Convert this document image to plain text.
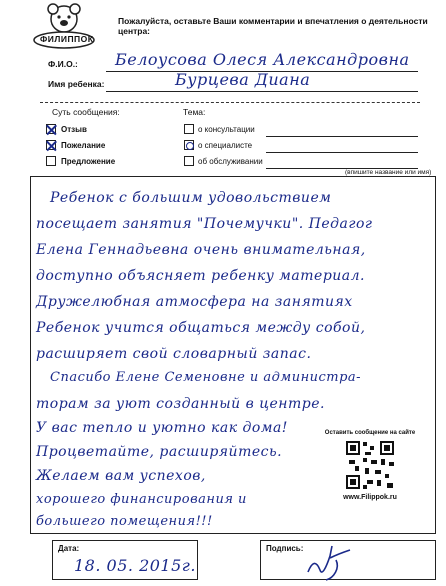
ФИЛИППОК
Пожалуйста, оставьте Ваши комментарии и впечатления о деятельности центра:
Ф.И.О.: Белоусова Олеся Александровна
Имя ребенка:	Бурцева Диана
Суть сообщения:
Отзыв
Пожелание
Предложение
Тема:
о консультации
о специалисте
об обслуживании
(впишите название или имя)
Ребенок с большим удовольствием
посещает занятия "Почемучки". Педагог
Елена Геннадьевна очень внимательная,
доступно объясняет ребенку материал.
Дружелюбная атмосфера на занятиях
Ребенок учится общаться между собой,
расширяет свой словарный запас.
Спасибо Елене Семеновне и администра-
торам за уют созданный в центре.
У вас тепло и уютно как дома!
Процветайте, расширяйтесь.
Желаем вам успехов,
хорошего финансирования и
большего помещения!!!
Оставить сообщение на сайте
www.Filippok.ru
Дата:
18. 05. 2015г.
Подпись:
